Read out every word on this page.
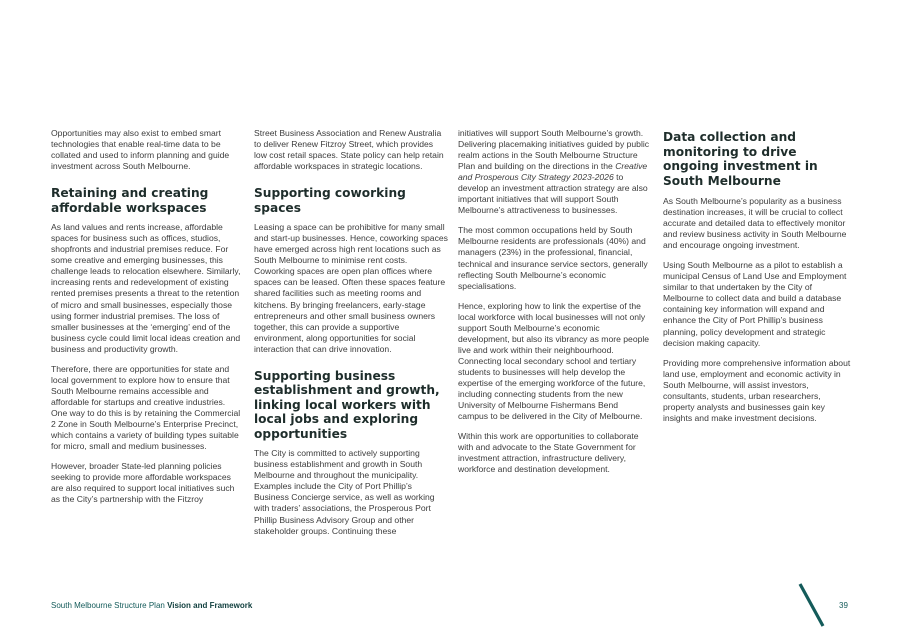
Opportunities may also exist to embed smart technologies that enable real-time data to be collated and used to inform planning and guide investment across South Melbourne.

Retaining and creating affordable workspaces

As land values and rents increase, affordable spaces for business such as offices, studios, shopfronts and industrial premises reduce. For some creative and emerging businesses, this challenge leads to relocation elsewhere. Similarly, increasing rents and redevelopment of existing rented premises presents a threat to the retention of micro and small businesses, especially those using former industrial premises. The loss of smaller businesses at the ‘emerging’ end of the business cycle could limit local ideas creation and business and productivity growth.

Therefore, there are opportunities for state and local government to explore how to ensure that South Melbourne remains accessible and affordable for startups and creative industries. One way to do this is by retaining the Commercial 2 Zone in South Melbourne’s Enterprise Precinct, which contains a variety of building types suitable for micro, small and medium businesses.

However, broader State-led planning policies seeking to provide more affordable workspaces are also required to support local initiatives such as the City’s partnership with the Fitzroy

Street Business Association and Renew Australia to deliver Renew Fitzroy Street, which provides low cost retail spaces. State policy can help retain affordable workspaces in strategic locations.

Supporting coworking spaces

Leasing a space can be prohibitive for many small and start-up businesses. Hence, coworking spaces have emerged across high rent locations such as South Melbourne to minimise rent costs. Coworking spaces are open plan offices where spaces can be leased. Often these spaces feature shared facilities such as meeting rooms and kitchens. By bringing freelancers, early-stage entrepreneurs and other small business owners together, this can provide a supportive environment, along opportunities for social interaction that can drive innovation.

Supporting business establishment and growth, linking local workers with local jobs and exploring opportunities

The City is committed to actively supporting business establishment and growth in South Melbourne and throughout the municipality. Examples include the City of Port Phillip’s Business Concierge service, as well as working with traders’ associations, the Prosperous Port Phillip Business Advisory Group and other stakeholder groups. Continuing these

initiatives will support South Melbourne’s growth. Delivering placemaking initiatives guided by public realm actions in the South Melbourne Structure Plan and building on the directions in the Creative and Prosperous City Strategy 2023-2026 to develop an investment attraction strategy are also important initiatives that will support South Melbourne’s attractiveness to businesses.

The most common occupations held by South Melbourne residents are professionals (40%) and managers (23%) in the professional, financial, technical and insurance service sectors, generally reflecting South Melbourne’s economic specialisations.

Hence, exploring how to link the expertise of the local workforce with local businesses will not only support South Melbourne’s economic development, but also its vibrancy as more people live and work within their neighbourhood. Connecting local secondary school and tertiary students to businesses will help develop the expertise of the emerging workforce of the future, including connecting students from the new University of Melbourne Fishermans Bend campus to be delivered in the City of Melbourne.

Within this work are opportunities to collaborate with and advocate to the State Government for investment attraction, infrastructure delivery, workforce and destination development.

Data collection and monitoring to drive ongoing investment in South Melbourne

As South Melbourne’s popularity as a business destination increases, it will be crucial to collect accurate and detailed data to effectively monitor and review business activity in South Melbourne and encourage ongoing investment.

Using South Melbourne as a pilot to establish a municipal Census of Land Use and Employment similar to that undertaken by the City of Melbourne to collect data and build a database containing key information will expand and enhance the City of Port Phillip’s business planning, policy development and strategic decision making capacity.

Providing more comprehensive information about land use, employment and economic activity in South Melbourne, will assist investors, consultants, students, urban researchers, property analysts and businesses gain key insights and make investment decisions.

South Melbourne Structure Plan Vision and Framework	39
